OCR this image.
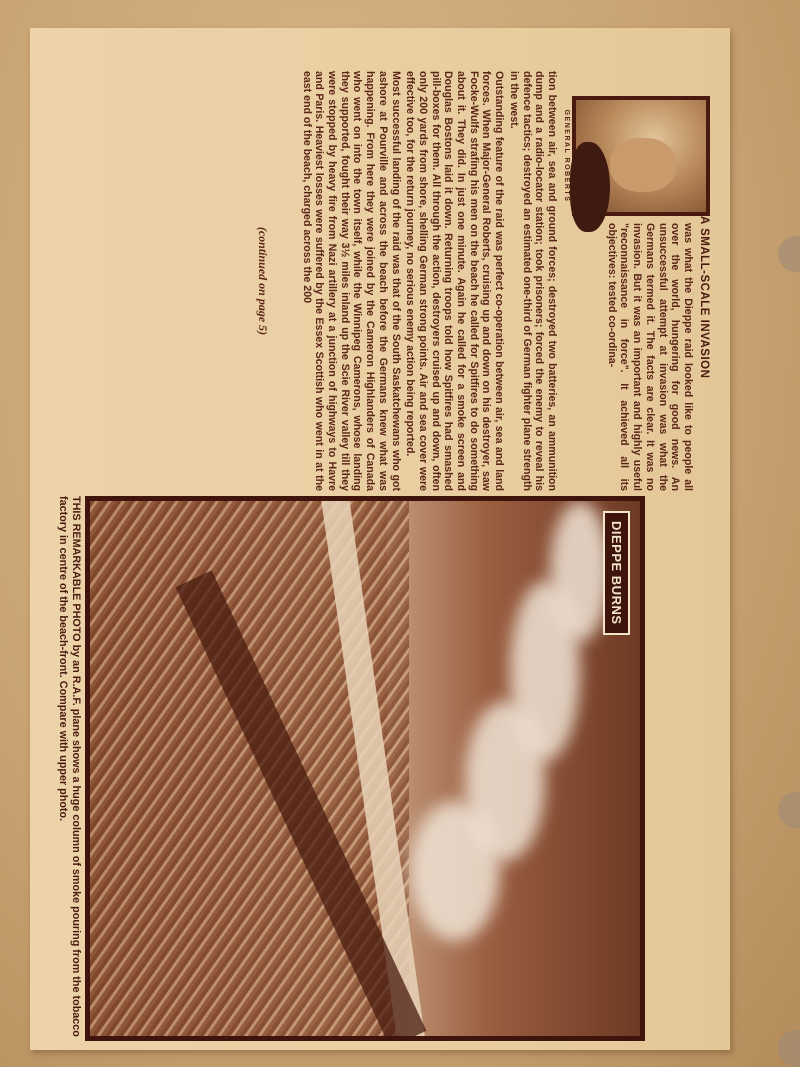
GENERAL ROBERTS
A SMALL-SCALE INVASION
was what the Dieppe raid looked like to people all over the world, hungering for good news. An unsuccessful attempt at invasion was what the Germans termed it. The facts are clear. It was no invasion. But it was an important and highly useful "reconnaissance in force". It achieved all its objectives: tested co-ordina-

tion between air, sea and ground forces; destroyed two batteries, an ammunition dump and a radio-locator station; took prisoners; forced the enemy to reveal his defence tactics; destroyed an estimated one-third of German fighter plane strength in the west.

Outstanding feature of the raid was perfect co-operation between air, sea and land forces. When Major-General Roberts, cruising up and down on his destroyer, saw Focke-Wulfs strafing his men on the beach he called for Spitfires to do something about it. They did. In just one minute. Again he called for a smoke screen and Douglas Bostons laid it down. Returning troops told how Spitfires had smashed pill-boxes for them. All through the action, destroyers cruised up and down, often only 200 yards from shore, shelling German strong points. Air and sea cover were effective too, for the return journey, no serious enemy action being reported.

Most successful landing of the raid was that of the South Saskatchewans who got ashore at Pourville and across the beach before the Germans knew what was happening. From here they were joined by the Cameron Highlanders of Canada who went on into the town itself, while the Winnipeg Camerons, whose landing they supported, fought their way 3½ miles inland up the Scie River valley till they were stopped by heavy fire from Nazi artillery at a junction of highways to Havre and Paris. Heaviest losses were suffered by the Essex Scottish who went in at the east end of the beach, charged across the 200

(continued on page 5)
DIEPPE BURNS
THIS REMARKABLE PHOTO by an R.A.F. plane shows a huge column of smoke pouring from the tobacco factory in centre of the beach-front. Compare with upper photo.
